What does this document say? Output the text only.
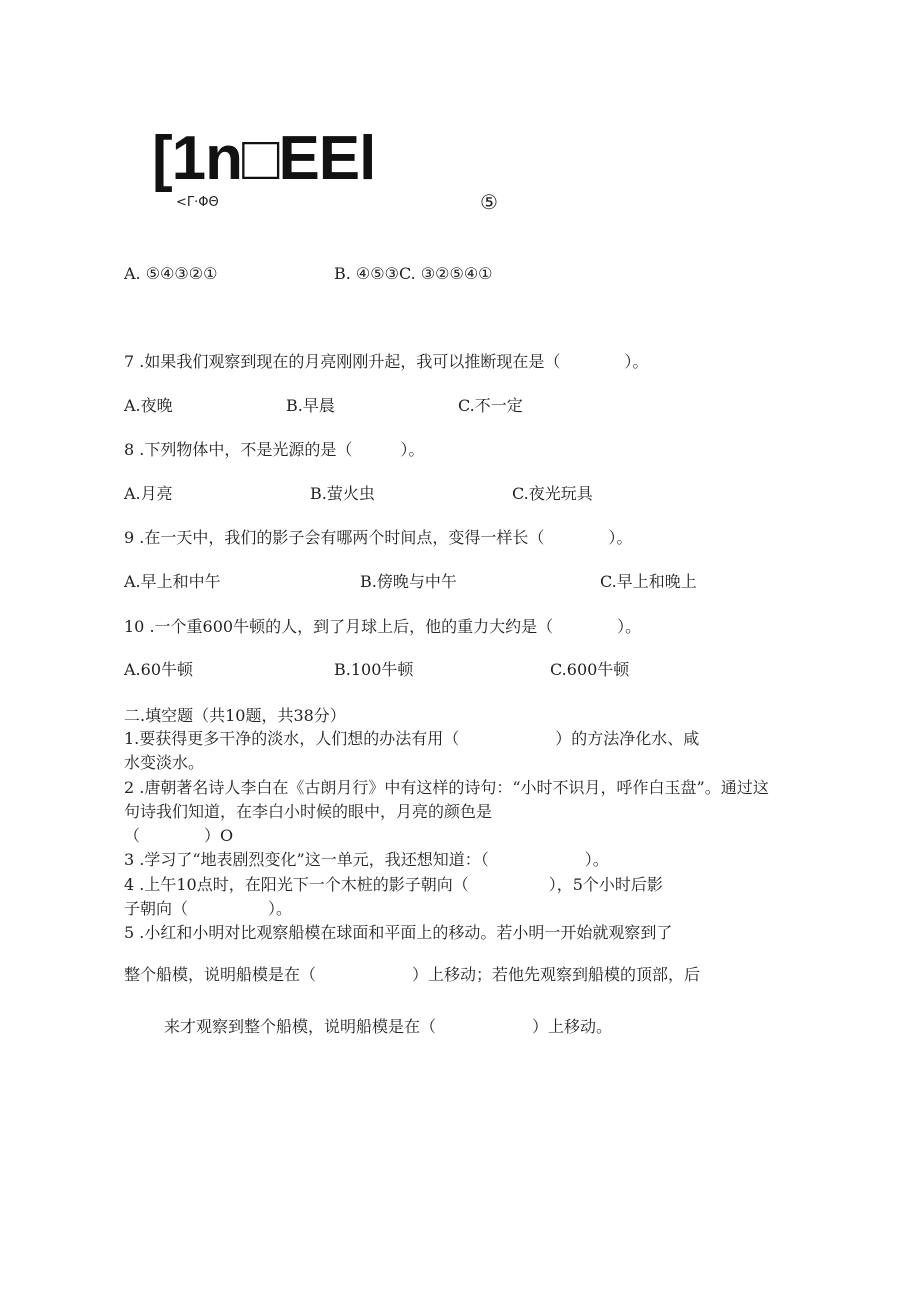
[1n□EEl
<Γ·ΦΘ	⑤
A. ⑤④③②①	B. ④⑤③C. ③②⑤④①
7 .如果我们观察到现在的月亮刚刚升起，我可以推断现在是（　　　　）。
A.夜晚	B.早晨	C.不一定
8 .下列物体中，不是光源的是（　　　）。
A.月亮	B.萤火虫	C.夜光玩具
9 .在一天中，我们的影子会有哪两个时间点，变得一样长（　　　　）。
A.早上和中午	B.傍晚与中午	C.早上和晚上
10 .一个重600牛顿的人，到了月球上后，他的重力大约是（　　　　）。
A.60牛顿	B.100牛顿	C.600牛顿
二.填空题（共10题，共38分）
1.要获得更多干净的淡水，人们想的办法有用（　　　　　　）的方法净化水、咸
水变淡水。
2 .唐朝著名诗人李白在《古朗月行》中有这样的诗句：“小时不识月，呼作白玉盘”。通过这
句诗我们知道，在李白小时候的眼中，月亮的颜色是
（　　　　）O
3 .学习了“地表剧烈变化”这一单元，我还想知道：（　　　　　　）。
4 .上午10点时，在阳光下一个木桩的影子朝向（　　　　　），5个小时后影
子朝向（　　　　　）。
5 .小红和小明对比观察船模在球面和平面上的移动。若小明一开始就观察到了
整个船模，说明船模是在（　　　　　　）上移动；若他先观察到船模的顶部，后
来才观察到整个船模，说明船模是在（　　　　　　）上移动。
